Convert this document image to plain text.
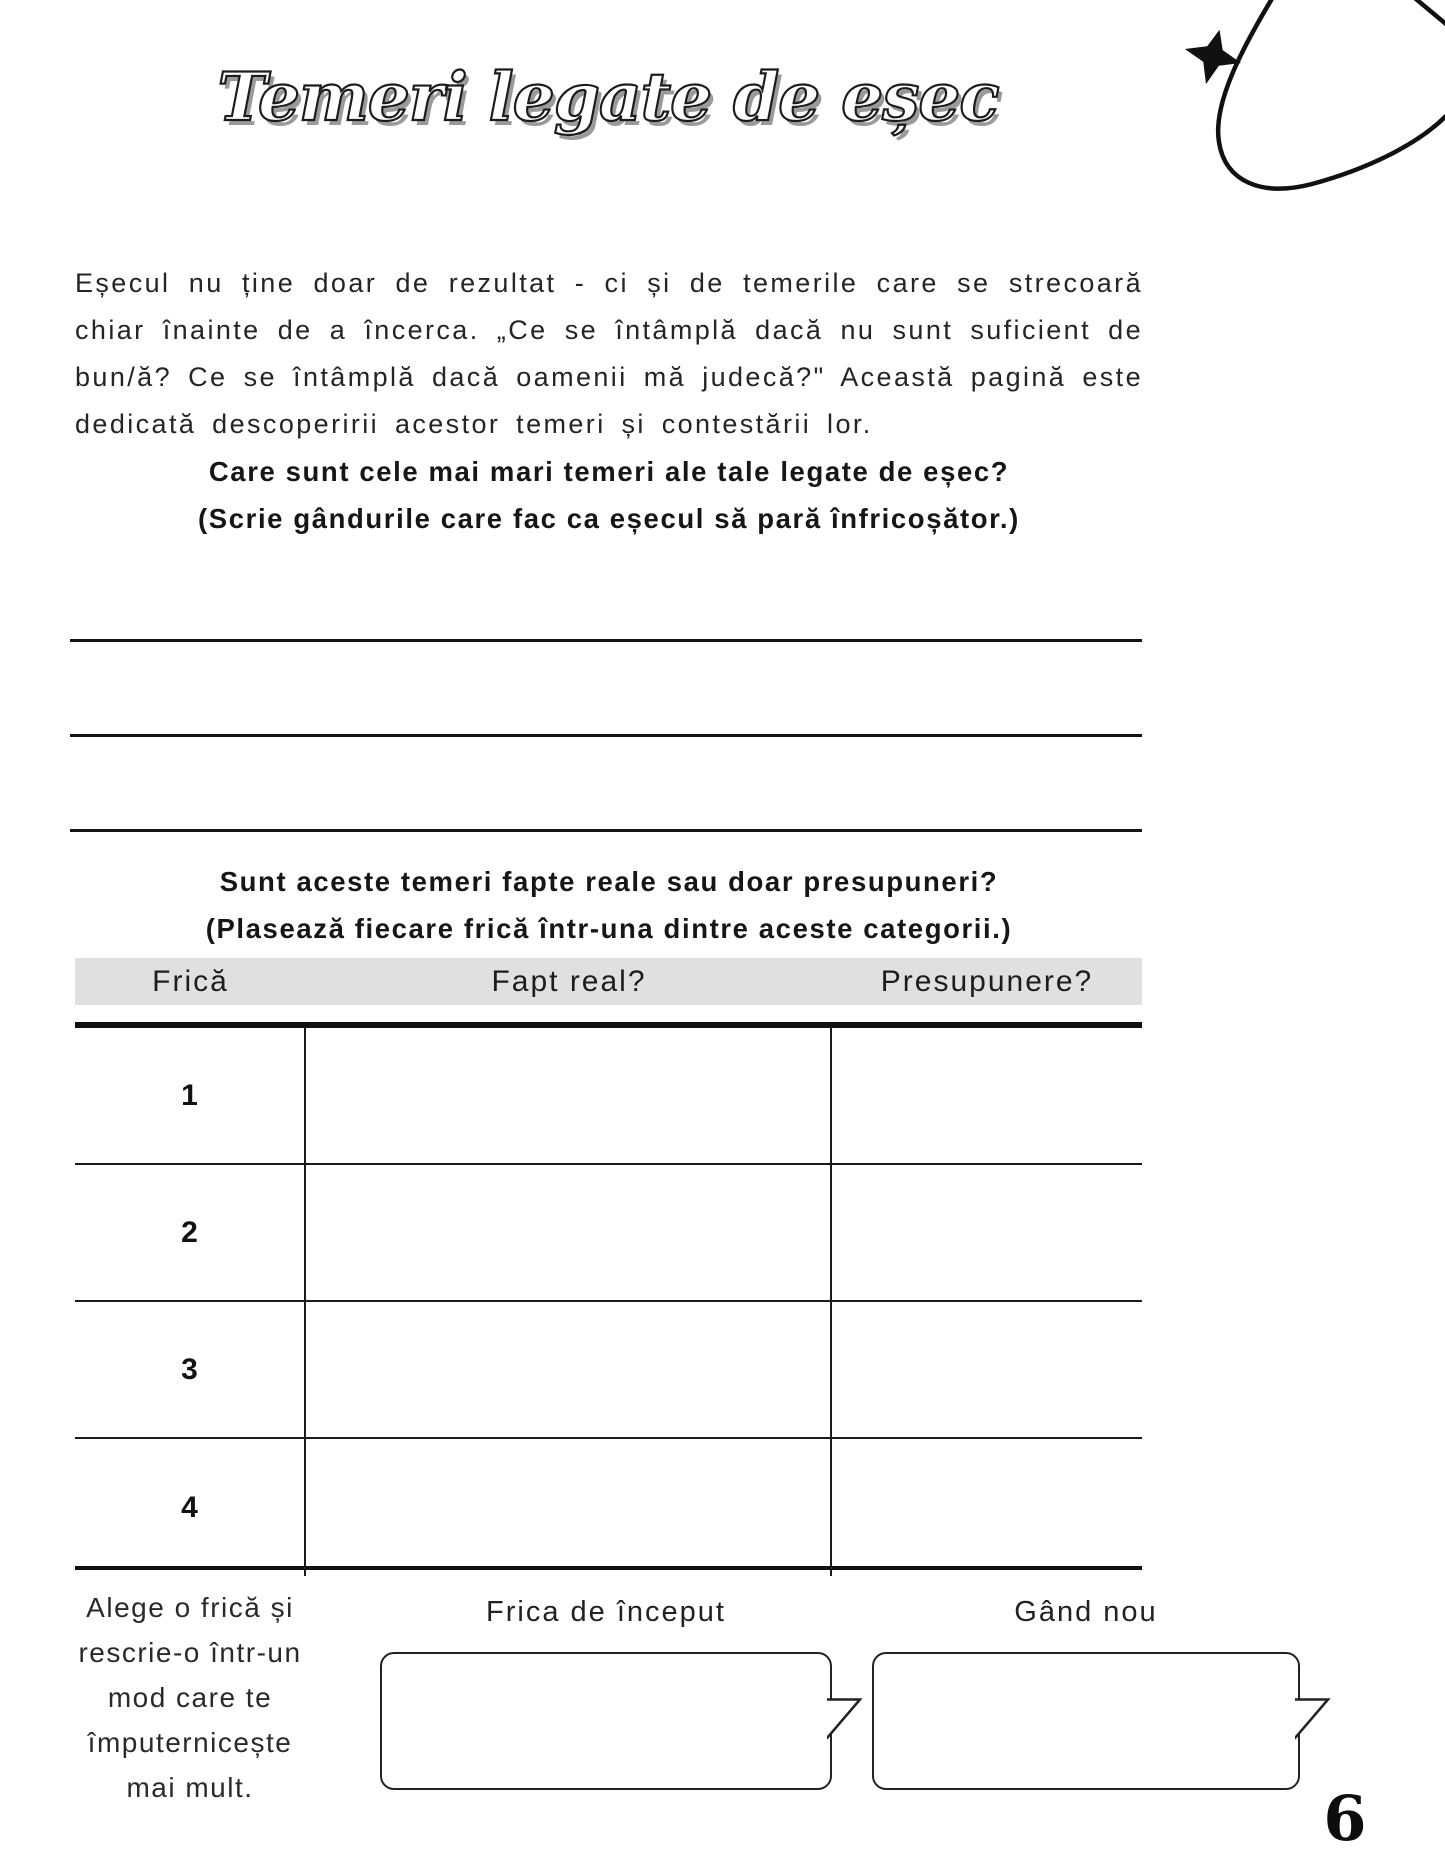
Temeri legate de eșec

Eșecul nu ține doar de rezultat - ci și de temerile care se strecoară chiar înainte de a încerca. „Ce se întâmplă dacă nu sunt suficient de bun/ă? Ce se întâmplă dacă oamenii mă judecă?" Această pagină este dedicată descoperirii acestor temeri și contestării lor.

Care sunt cele mai mari temeri ale tale legate de eșec?
(Scrie gândurile care fac ca eșecul să pară înfricoșător.)
Sunt aceste temeri fapte reale sau doar presupuneri?
(Plasează fiecare frică într-una dintre aceste categorii.)
Frică	Fapt real?	Presupunere?
1
2
3
4
Alege o frică și rescrie-o într-un mod care te împuternicește mai mult.
Frica de început	Gând nou
6
